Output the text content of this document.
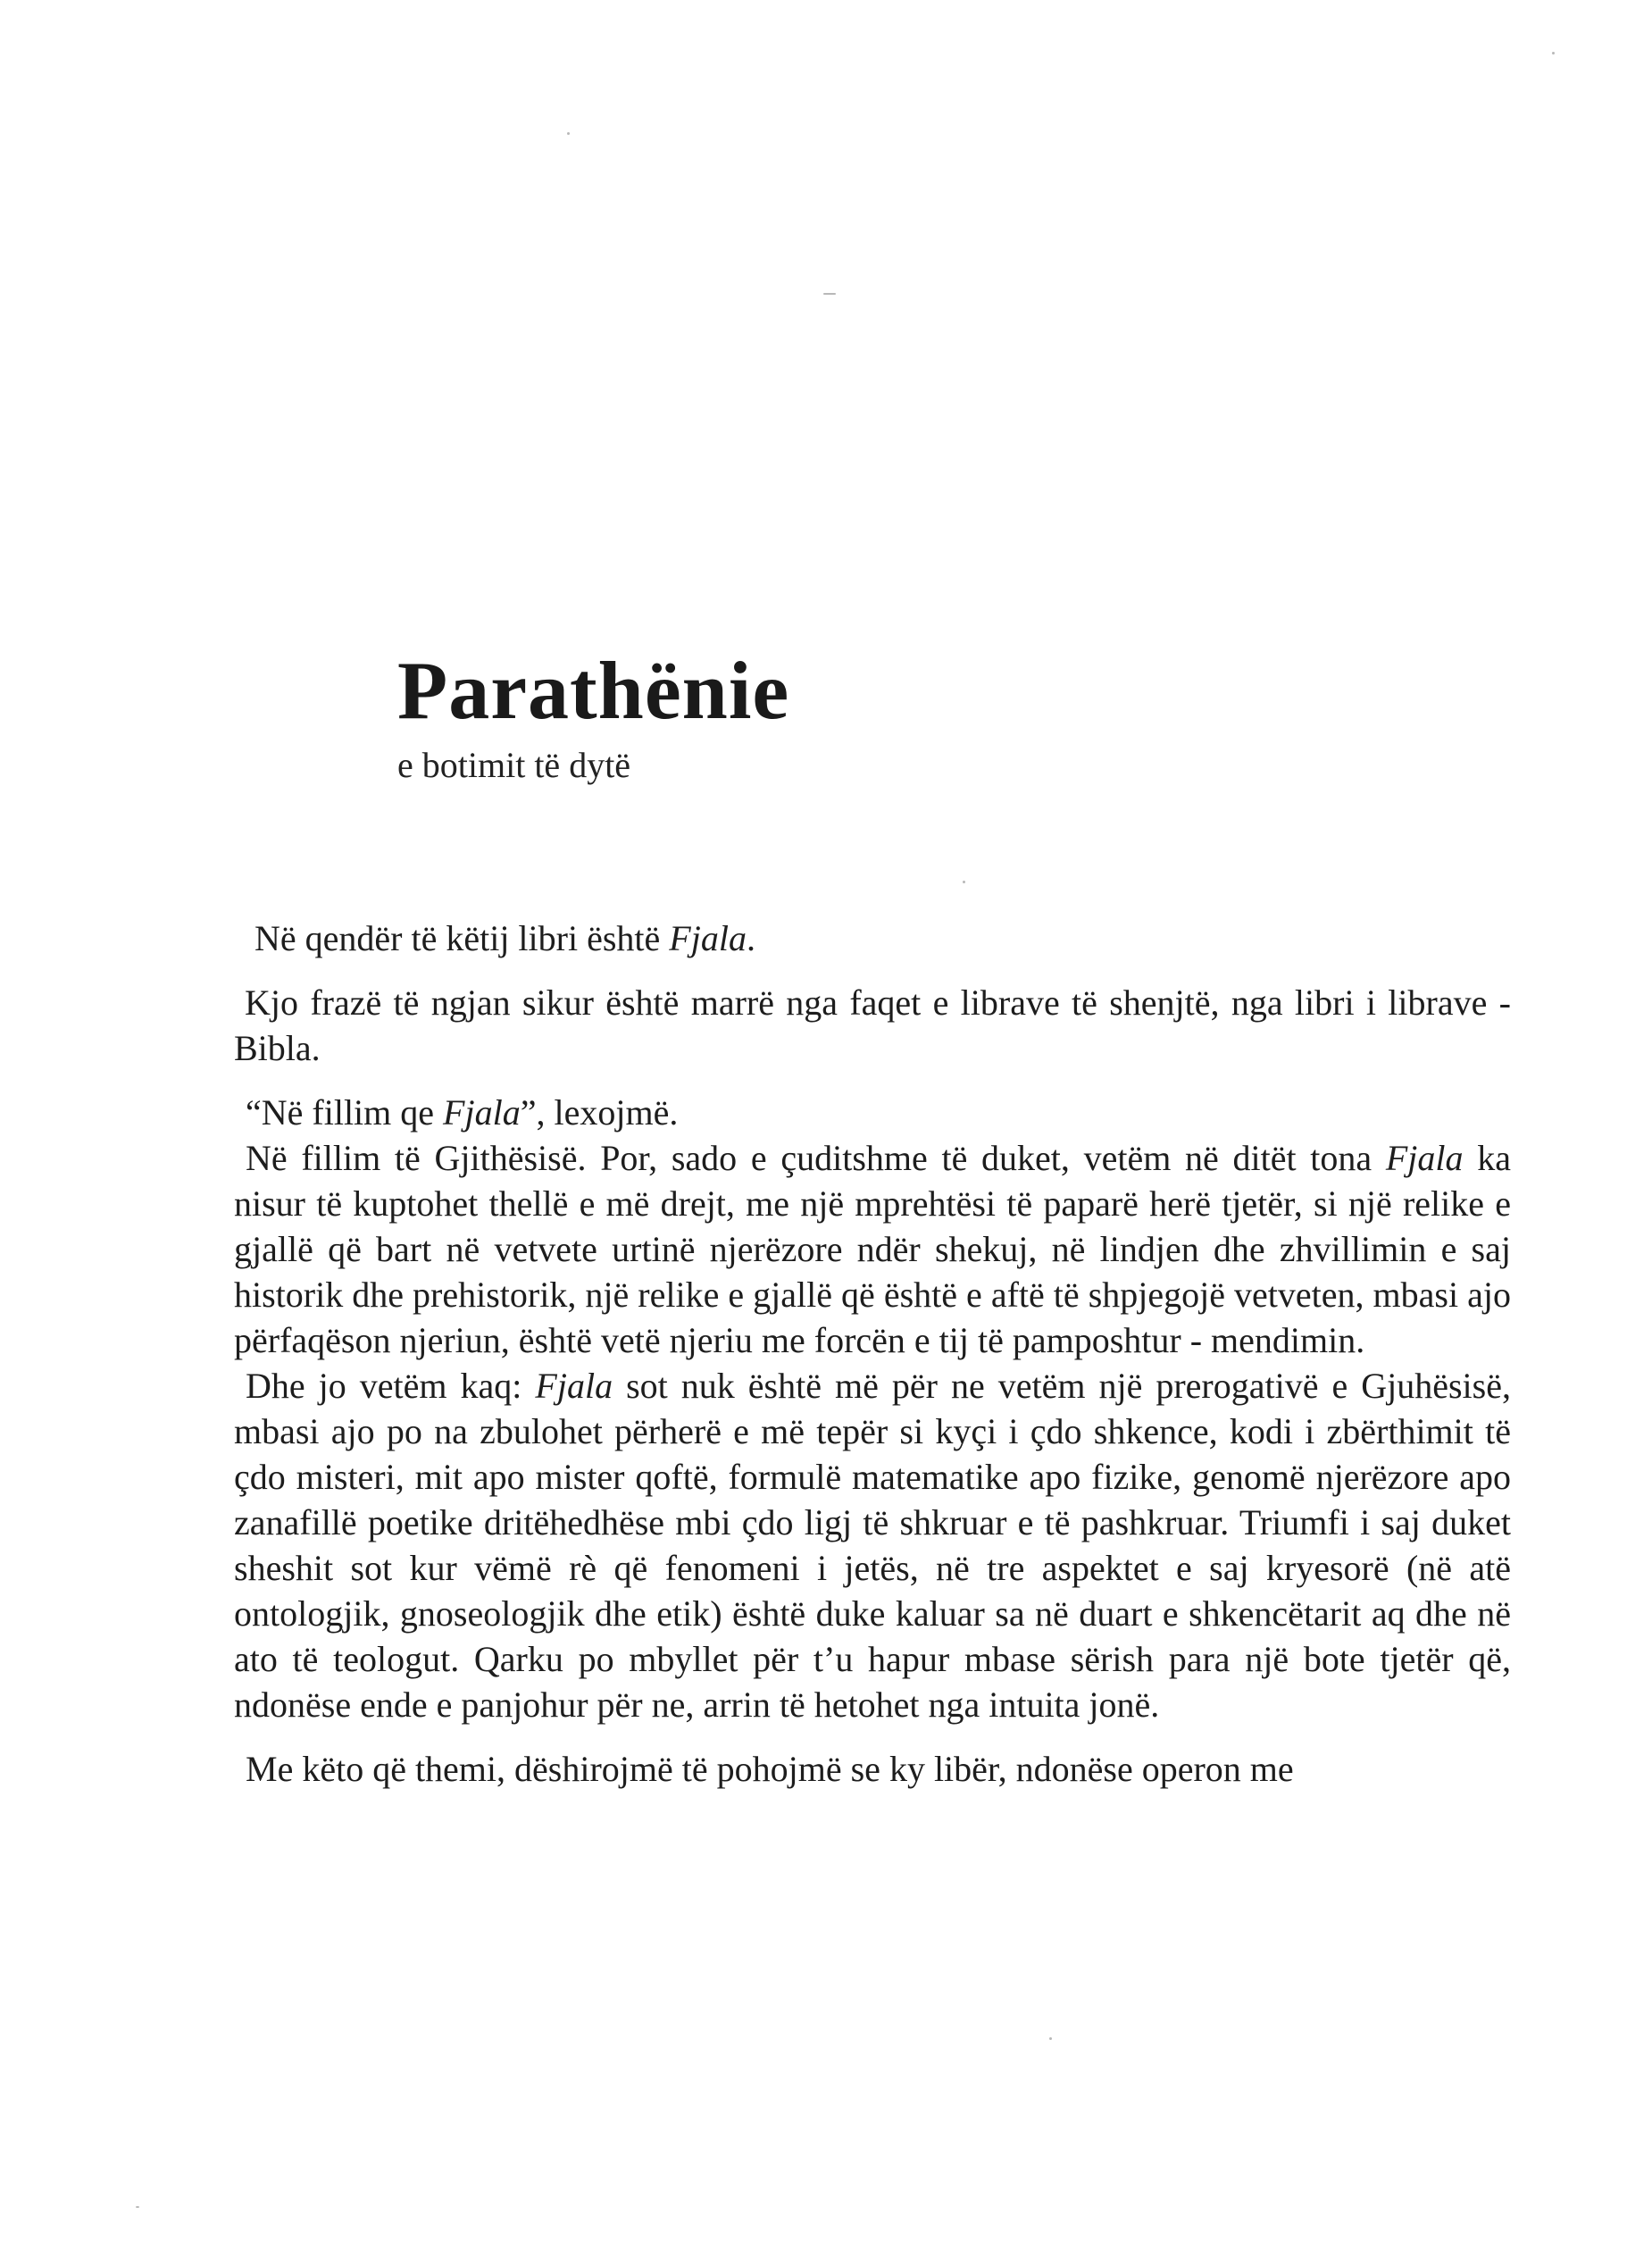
Parathënie
e botimit të dytë

Në qendër të këtij libri është Fjala.

Kjo frazë të ngjan sikur është marrë nga faqet e librave të shenjtë, nga libri i librave - Bibla.

“Në fillim qe Fjala”, lexojmë.

Në fillim të Gjithësisë. Por, sado e çuditshme të duket, vetëm në ditët tona Fjala ka nisur të kuptohet thellë e më drejt, me një mprehtësi të paparë herë tjetër, si një relike e gjallë që bart në vetvete urtinë njerëzore ndër shekuj, në lindjen dhe zhvillimin e saj historik dhe prehistorik, një relike e gjallë që është e aftë të shpjegojë vetveten, mbasi ajo përfaqëson njeriun, është vetë njeriu me forcën e tij të pamposhtur - mendimin.

Dhe jo vetëm kaq: Fjala sot nuk është më për ne vetëm një prerogativë e Gjuhësisë, mbasi ajo po na zbulohet përherë e më tepër si kyçi i çdo shkence, kodi i zbërthimit të çdo misteri, mit apo mister qoftë, formulë matematike apo fizike, genomë njerëzore apo zanafillë poetike dritëhedhëse mbi çdo ligj të shkruar e të pashkruar. Triumfi i saj duket sheshit sot kur vëmë rè që fenomeni i jetës, në tre aspektet e saj kryesorë (në atë ontologjik, gnoseologjik dhe etik) është duke kaluar sa në duart e shkencëtarit aq dhe në ato të teologut. Qarku po mbyllet për t’u hapur mbase sërish para një bote tjetër që, ndonëse ende e panjohur për ne, arrin të hetohet nga intuita jonë.

Me këto që themi, dëshirojmë të pohojmë se ky libër, ndonëse operon me
